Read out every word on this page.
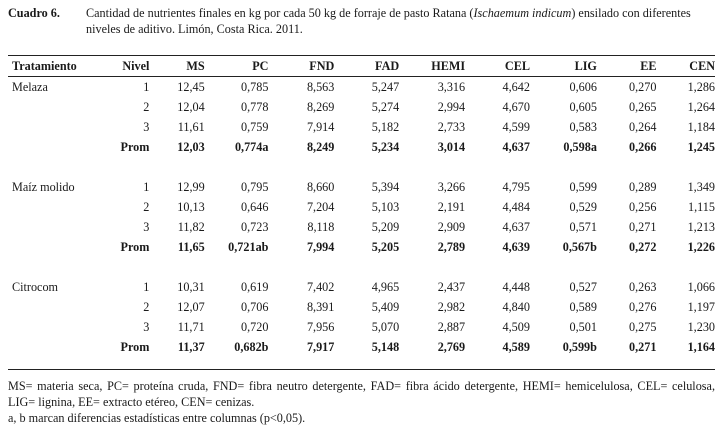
Cuadro 6.	Cantidad de nutrientes finales en kg por cada 50 kg de forraje de pasto Ratana (Ischaemum indicum) ensilado con diferentes niveles de aditivo. Limón, Costa Rica. 2011.
Tratamiento	Nivel	MS	PC	FND	FAD	HEMI	CEL	LIG	EE	CEN
Melaza	1	12,45	0,785	8,563	5,247	3,316	4,642	0,606	0,270	1,286
	2	12,04	0,778	8,269	5,274	2,994	4,670	0,605	0,265	1,264
	3	11,61	0,759	7,914	5,182	2,733	4,599	0,583	0,264	1,184
	Prom	12,03	0,774a	8,249	5,234	3,014	4,637	0,598a	0,266	1,245

Maíz molido	1	12,99	0,795	8,660	5,394	3,266	4,795	0,599	0,289	1,349
	2	10,13	0,646	7,204	5,103	2,191	4,484	0,529	0,256	1,115
	3	11,82	0,723	8,118	5,209	2,909	4,637	0,571	0,271	1,213
	Prom	11,65	0,721ab	7,994	5,205	2,789	4,639	0,567b	0,272	1,226

Citrocom	1	10,31	0,619	7,402	4,965	2,437	4,448	0,527	0,263	1,066
	2	12,07	0,706	8,391	5,409	2,982	4,840	0,589	0,276	1,197
	3	11,71	0,720	7,956	5,070	2,887	4,509	0,501	0,275	1,230
	Prom	11,37	0,682b	7,917	5,148	2,769	4,589	0,599b	0,271	1,164
MS= materia seca, PC= proteína cruda, FND= fibra neutro detergente, FAD= fibra ácido detergente, HEMI= hemicelulosa, CEL= celulosa, LIG= lignina, EE= extracto etéreo, CEN= cenizas.
a, b marcan diferencias estadísticas entre columnas (p<0,05).
